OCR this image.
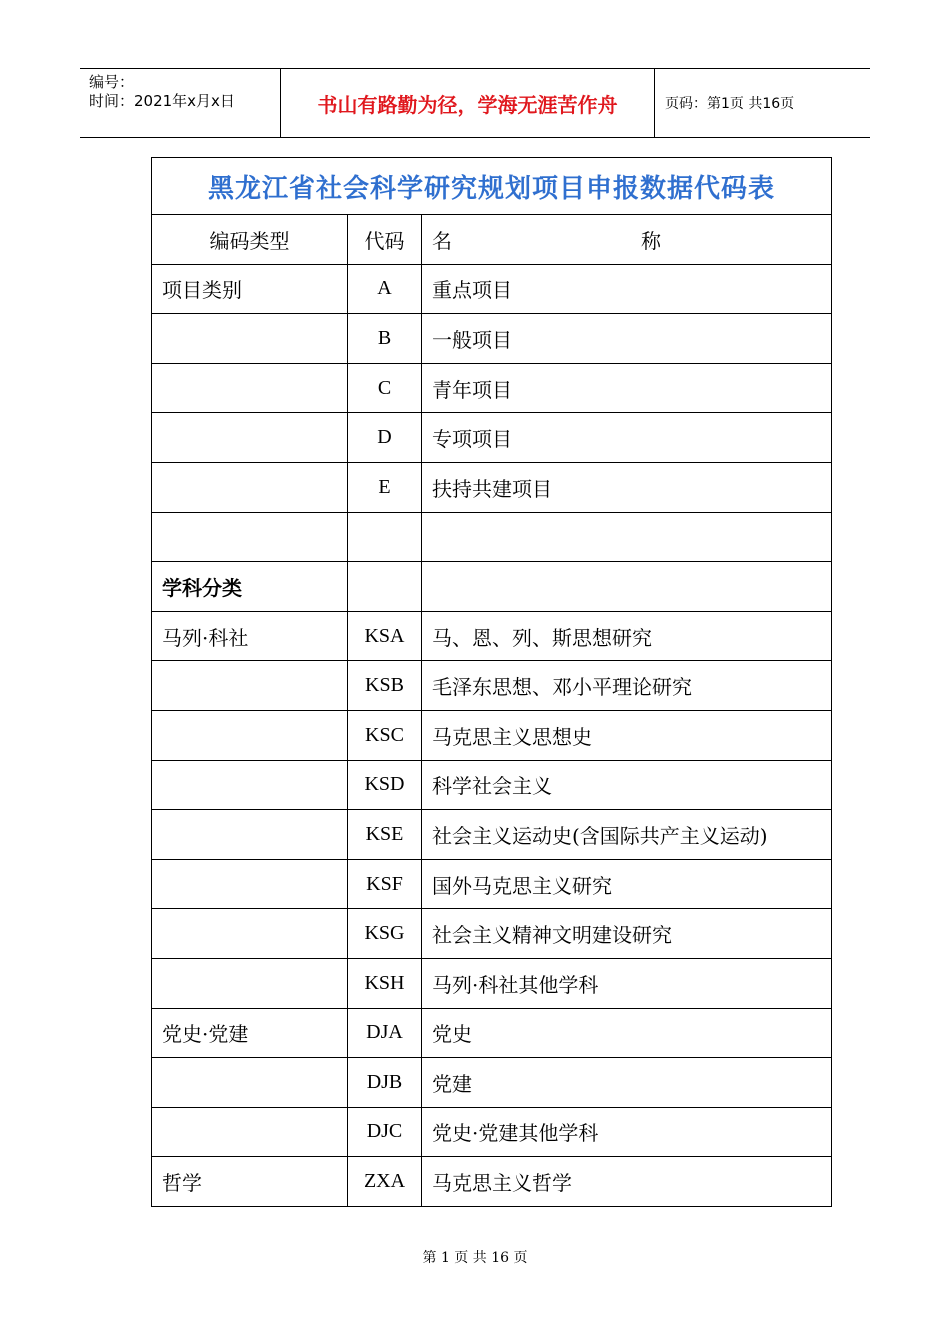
编号：
时间：2021年x月x日	书山有路勤为径，学海无涯苦作舟	页码：第1页 共16页
黑龙江省社会科学研究规划项目申报数据代码表		
编码类型	代码	名 称

项目类别	A	重点项目
	B	一般项目
	C	青年项目
	D	专项项目
	E	扶持共建项目

学科分类		
马列·科社	KSA	马、恩、列、斯思想研究
	KSB	毛泽东思想、邓小平理论研究
	KSC	马克思主义思想史
	KSD	科学社会主义
	KSE	社会主义运动史(含国际共产主义运动)
	KSF	国外马克思主义研究
	KSG	社会主义精神文明建设研究
	KSH	马列·科社其他学科
党史·党建	DJA	党史
	DJB	党建
	DJC	党史·党建其他学科
哲学	ZXA	马克思主义哲学
第 1 页 共 16 页
